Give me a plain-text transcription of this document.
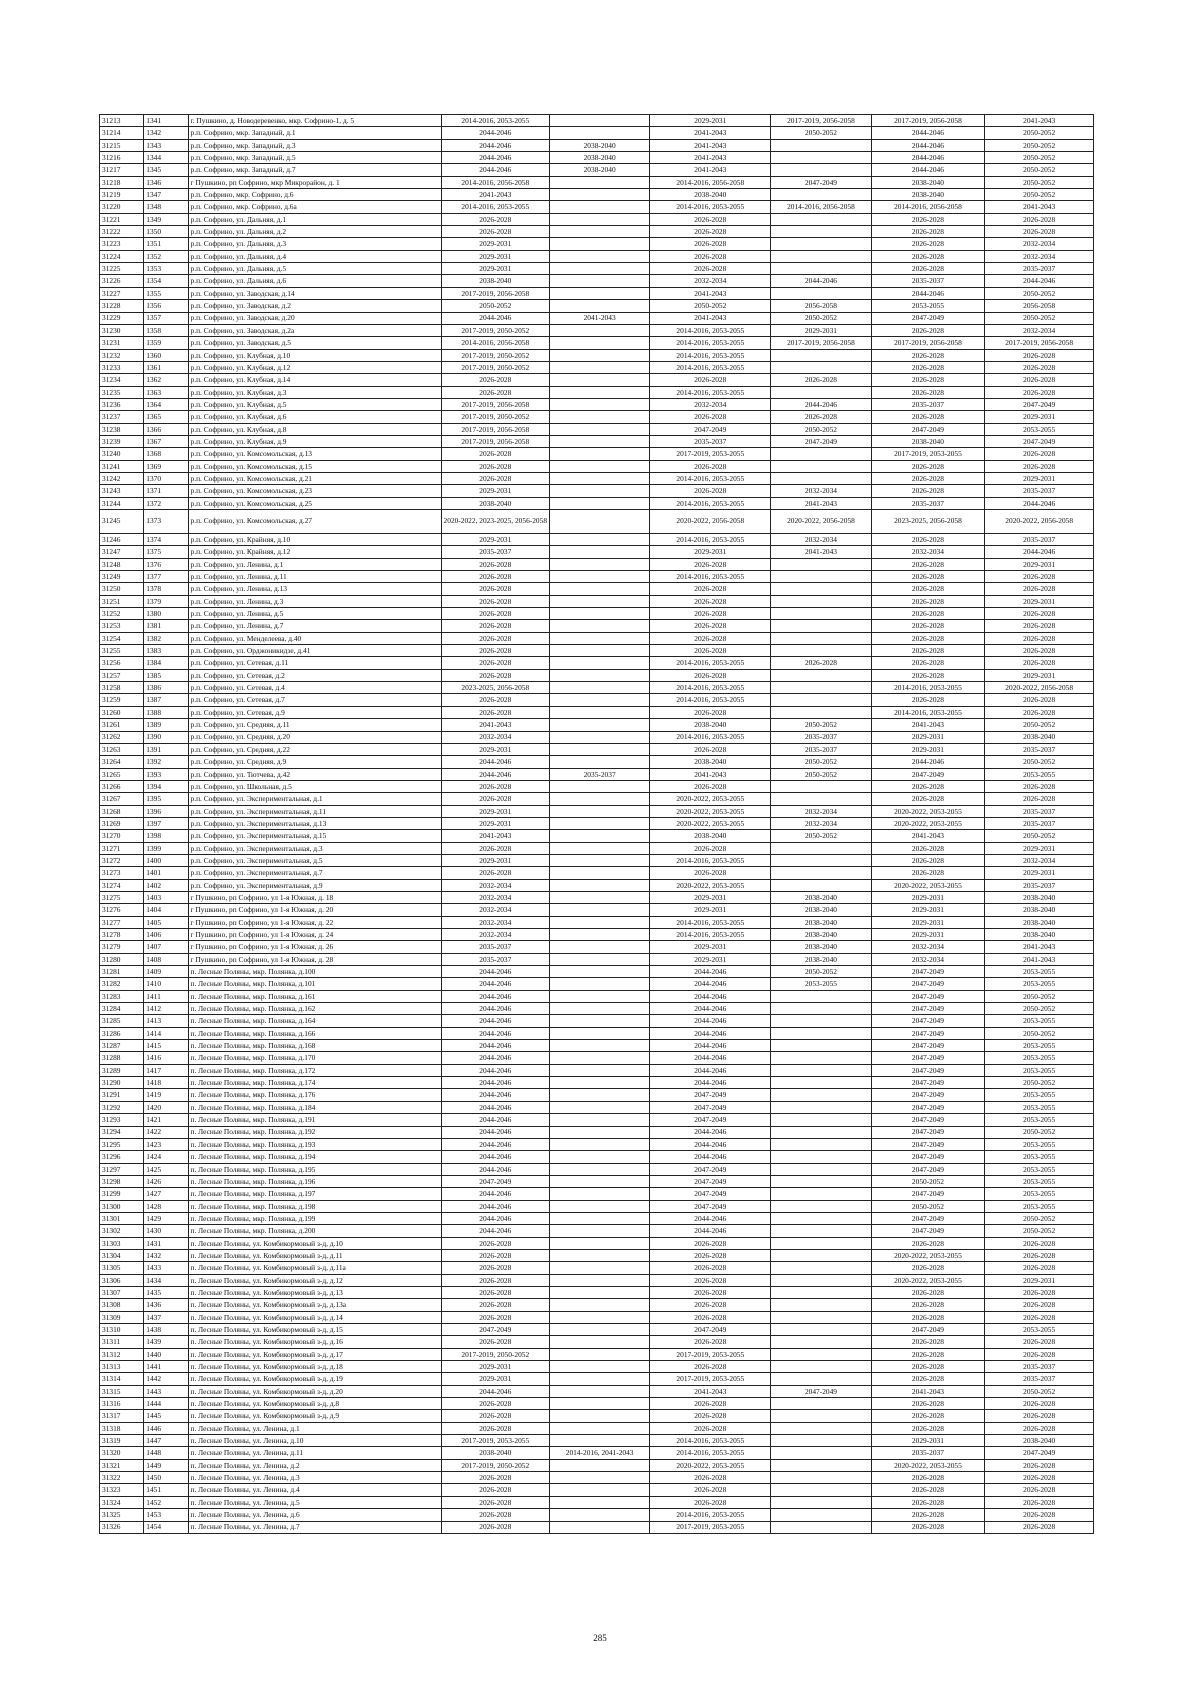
31213	1341	г. Пушкино, д. Новодеревенко, мкр. Софрино-1, д. 5	2014-2016, 2053-2055		2029-2031	2017-2019, 2056-2058	2017-2019, 2056-2058	2041-2043
31214	1342	р.п. Софрино, мкр. Западный, д.1	2044-2046		2041-2043	2050-2052	2044-2046	2050-2052
31215	1343	р.п. Софрино, мкр. Западный, д.3	2044-2046	2038-2040	2041-2043		2044-2046	2050-2052
31216	1344	р.п. Софрино, мкр. Западный, д.5	2044-2046	2038-2040	2041-2043		2044-2046	2050-2052
31217	1345	р.п. Софрино, мкр. Западный, д.7	2044-2046	2038-2040	2041-2043		2044-2046	2050-2052
31218	1346	г Пушкино, рп Софрино, мкр Микрорайон, д. 1	2014-2016, 2056-2058		2014-2016, 2056-2058	2047-2049	2038-2040	2050-2052
31219	1347	р.п. Софрино, мкр. Софрино, д.6	2041-2043		2038-2040		2038-2040	2050-2052
31220	1348	р.п. Софрино, мкр. Софрино, д.6а	2014-2016, 2053-2055		2014-2016, 2053-2055	2014-2016, 2056-2058	2014-2016, 2056-2058	2041-2043
31221	1349	р.п. Софрино, ул. Дальняя, д.1	2026-2028		2026-2028		2026-2028	2026-2028
31222	1350	р.п. Софрино, ул. Дальняя, д.2	2026-2028		2026-2028		2026-2028	2026-2028
31223	1351	р.п. Софрино, ул. Дальняя, д.3	2029-2031		2026-2028		2026-2028	2032-2034
31224	1352	р.п. Софрино, ул. Дальняя, д.4	2029-2031		2026-2028		2026-2028	2032-2034
31225	1353	р.п. Софрино, ул. Дальняя, д.5	2029-2031		2026-2028		2026-2028	2035-2037
31226	1354	р.п. Софрино, ул. Дальняя, д.6	2038-2040		2032-2034	2044-2046	2035-2037	2044-2046
31227	1355	р.п. Софрино, ул. Заводская, д.14	2017-2019, 2056-2058		2041-2043		2044-2046	2050-2052
31228	1356	р.п. Софрино, ул. Заводская, д.2	2050-2052		2050-2052	2056-2058	2053-2055	2056-2058
31229	1357	р.п. Софрино, ул. Заводская, д.20	2044-2046	2041-2043	2041-2043	2050-2052	2047-2049	2050-2052
31230	1358	р.п. Софрино, ул. Заводская, д.2а	2017-2019, 2050-2052		2014-2016, 2053-2055	2029-2031	2026-2028	2032-2034
31231	1359	р.п. Софрино, ул. Заводская, д.5	2014-2016, 2056-2058		2014-2016, 2053-2055	2017-2019, 2056-2058	2017-2019, 2056-2058	2017-2019, 2056-2058
31232	1360	р.п. Софрино, ул. Клубная, д.10	2017-2019, 2050-2052		2014-2016, 2053-2055		2026-2028	2026-2028
31233	1361	р.п. Софрино, ул. Клубная, д.12	2017-2019, 2050-2052		2014-2016, 2053-2055		2026-2028	2026-2028
31234	1362	р.п. Софрино, ул. Клубная, д.14	2026-2028		2026-2028	2026-2028	2026-2028	2026-2028
31235	1363	р.п. Софрино, ул. Клубная, д.3	2026-2028		2014-2016, 2053-2055		2026-2028	2026-2028
31236	1364	р.п. Софрино, ул. Клубная, д.5	2017-2019, 2056-2058		2032-2034	2044-2046	2035-2037	2047-2049
31237	1365	р.п. Софрино, ул. Клубная, д.6	2017-2019, 2050-2052		2026-2028	2026-2028	2026-2028	2029-2031
31238	1366	р.п. Софрино, ул. Клубная, д.8	2017-2019, 2056-2058		2047-2049	2050-2052	2047-2049	2053-2055
31239	1367	р.п. Софрино, ул. Клубная, д.9	2017-2019, 2056-2058		2035-2037	2047-2049	2038-2040	2047-2049
31240	1368	р.п. Софрино, ул. Комсомольская, д.13	2026-2028		2017-2019, 2053-2055		2017-2019, 2053-2055	2026-2028
31241	1369	р.п. Софрино, ул. Комсомольская, д.15	2026-2028		2026-2028		2026-2028	2026-2028
31242	1370	р.п. Софрино, ул. Комсомольская, д.21	2026-2028		2014-2016, 2053-2055		2026-2028	2029-2031
31243	1371	р.п. Софрино, ул. Комсомольская, д.23	2029-2031		2026-2028	2032-2034	2026-2028	2035-2037
31244	1372	р.п. Софрино, ул. Комсомольская, д.25	2038-2040		2014-2016, 2053-2055	2041-2043	2035-2037	2044-2046
31245	1373	р.п. Софрино, ул. Комсомольская, д.27	2020-2022, 2023-2025, 2056-2058		2020-2022, 2056-2058	2020-2022, 2056-2058	2023-2025, 2056-2058	2020-2022, 2056-2058
31246	1374	р.п. Софрино, ул. Крайняя, д.10	2029-2031		2014-2016, 2053-2055	2032-2034	2026-2028	2035-2037
31247	1375	р.п. Софрино, ул. Крайняя, д.12	2035-2037		2029-2031	2041-2043	2032-2034	2044-2046
31248	1376	р.п. Софрино, ул. Ленина, д.1	2026-2028		2026-2028		2026-2028	2029-2031
31249	1377	р.п. Софрино, ул. Ленина, д.11	2026-2028		2014-2016, 2053-2055		2026-2028	2026-2028
31250	1378	р.п. Софрино, ул. Ленина, д.13	2026-2028		2026-2028		2026-2028	2026-2028
31251	1379	р.п. Софрино, ул. Ленина, д.3	2026-2028		2026-2028		2026-2028	2029-2031
31252	1380	р.п. Софрино, ул. Ленина, д.5	2026-2028		2026-2028		2026-2028	2026-2028
31253	1381	р.п. Софрино, ул. Ленина, д.7	2026-2028		2026-2028		2026-2028	2026-2028
31254	1382	р.п. Софрино, ул. Менделеева, д.40	2026-2028		2026-2028		2026-2028	2026-2028
31255	1383	р.п. Софрино, ул. Орджоникидзе, д.41	2026-2028		2026-2028		2026-2028	2026-2028
31256	1384	р.п. Софрино, ул. Сетевая, д.11	2026-2028		2014-2016, 2053-2055	2026-2028	2026-2028	2026-2028
31257	1385	р.п. Софрино, ул. Сетевая, д.2	2026-2028		2026-2028		2026-2028	2029-2031
31258	1386	р.п. Софрино, ул. Сетевая, д.4	2023-2025, 2056-2058		2014-2016, 2053-2055		2014-2016, 2053-2055	2020-2022, 2056-2058
31259	1387	р.п. Софрино, ул. Сетевая, д.7	2026-2028		2014-2016, 2053-2055		2026-2028	2026-2028
31260	1388	р.п. Софрино, ул. Сетевая, д.9	2026-2028		2026-2028		2014-2016, 2053-2055	2026-2028
31261	1389	р.п. Софрино, ул. Средняя, д.11	2041-2043		2038-2040	2050-2052	2041-2043	2050-2052
31262	1390	р.п. Софрино, ул. Средняя, д.20	2032-2034		2014-2016, 2053-2055	2035-2037	2029-2031	2038-2040
31263	1391	р.п. Софрино, ул. Средняя, д.22	2029-2031		2026-2028	2035-2037	2029-2031	2035-2037
31264	1392	р.п. Софрино, ул. Средняя, д.9	2044-2046		2038-2040	2050-2052	2044-2046	2050-2052
31265	1393	р.п. Софрино, ул. Тютчева, д.42	2044-2046	2035-2037	2041-2043	2050-2052	2047-2049	2053-2055
31266	1394	р.п. Софрино, ул. Школьная, д.5	2026-2028		2026-2028		2026-2028	2026-2028
31267	1395	р.п. Софрино, ул. Экспериментальная, д.1	2026-2028		2020-2022, 2053-2055		2026-2028	2026-2028
31268	1396	р.п. Софрино, ул. Экспериментальная, д.11	2029-2031		2020-2022, 2053-2055	2032-2034	2020-2022, 2053-2055	2035-2037
31269	1397	р.п. Софрино, ул. Экспериментальная, д.13	2029-2031		2020-2022, 2053-2055	2032-2034	2020-2022, 2053-2055	2035-2037
31270	1398	р.п. Софрино, ул. Экспериментальная, д.15	2041-2043		2038-2040	2050-2052	2041-2043	2050-2052
31271	1399	р.п. Софрино, ул. Экспериментальная, д.3	2026-2028		2026-2028		2026-2028	2029-2031
31272	1400	р.п. Софрино, ул. Экспериментальная, д.5	2029-2031		2014-2016, 2053-2055		2026-2028	2032-2034
31273	1401	р.п. Софрино, ул. Экспериментальная, д.7	2026-2028		2026-2028		2026-2028	2029-2031
31274	1402	р.п. Софрино, ул. Экспериментальная, д.9	2032-2034		2020-2022, 2053-2055		2020-2022, 2053-2055	2035-2037
31275	1403	г Пушкино, рп Софрино, ул 1-я Южная, д. 18	2032-2034		2029-2031	2038-2040	2029-2031	2038-2040
31276	1404	г Пушкино, рп Софрино, ул 1-я Южная, д. 20	2032-2034		2029-2031	2038-2040	2029-2031	2038-2040
31277	1405	г Пушкино, рп Софрино, ул 1-я Южная, д. 22	2032-2034		2014-2016, 2053-2055	2038-2040	2029-2031	2038-2040
31278	1406	г Пушкино, рп Софрино, ул 1-я Южная, д. 24	2032-2034		2014-2016, 2053-2055	2038-2040	2029-2031	2038-2040
31279	1407	г Пушкино, рп Софрино, ул 1-я Южная, д. 26	2035-2037		2029-2031	2038-2040	2032-2034	2041-2043
31280	1408	г Пушкино, рп Софрино, ул 1-я Южная, д. 28	2035-2037		2029-2031	2038-2040	2032-2034	2041-2043
31281	1409	п. Лесные Поляны, мкр. Полянка, д.100	2044-2046		2044-2046	2050-2052	2047-2049	2053-2055
31282	1410	п. Лесные Поляны, мкр. Полянка, д.101	2044-2046		2044-2046	2053-2055	2047-2049	2053-2055
31283	1411	п. Лесные Поляны, мкр. Полянка, д.161	2044-2046		2044-2046		2047-2049	2050-2052
31284	1412	п. Лесные Поляны, мкр. Полянка, д.162	2044-2046		2044-2046		2047-2049	2050-2052
31285	1413	п. Лесные Поляны, мкр. Полянка, д.164	2044-2046		2044-2046		2047-2049	2053-2055
31286	1414	п. Лесные Поляны, мкр. Полянка, д.166	2044-2046		2044-2046		2047-2049	2050-2052
31287	1415	п. Лесные Поляны, мкр. Полянка, д.168	2044-2046		2044-2046		2047-2049	2053-2055
31288	1416	п. Лесные Поляны, мкр. Полянка, д.170	2044-2046		2044-2046		2047-2049	2053-2055
31289	1417	п. Лесные Поляны, мкр. Полянка, д.172	2044-2046		2044-2046		2047-2049	2053-2055
31290	1418	п. Лесные Поляны, мкр. Полянка, д.174	2044-2046		2044-2046		2047-2049	2050-2052
31291	1419	п. Лесные Поляны, мкр. Полянка, д.176	2044-2046		2047-2049		2047-2049	2053-2055
31292	1420	п. Лесные Поляны, мкр. Полянка, д.184	2044-2046		2047-2049		2047-2049	2053-2055
31293	1421	п. Лесные Поляны, мкр. Полянка, д.191	2044-2046		2047-2049		2047-2049	2053-2055
31294	1422	п. Лесные Поляны, мкр. Полянка, д.192	2044-2046		2044-2046		2047-2049	2050-2052
31295	1423	п. Лесные Поляны, мкр. Полянка, д.193	2044-2046		2044-2046		2047-2049	2053-2055
31296	1424	п. Лесные Поляны, мкр. Полянка, д.194	2044-2046		2044-2046		2047-2049	2053-2055
31297	1425	п. Лесные Поляны, мкр. Полянка, д.195	2044-2046		2047-2049		2047-2049	2053-2055
31298	1426	п. Лесные Поляны, мкр. Полянка, д.196	2047-2049		2047-2049		2050-2052	2053-2055
31299	1427	п. Лесные Поляны, мкр. Полянка, д.197	2044-2046		2047-2049		2047-2049	2053-2055
31300	1428	п. Лесные Поляны, мкр. Полянка, д.198	2044-2046		2047-2049		2050-2052	2053-2055
31301	1429	п. Лесные Поляны, мкр. Полянка, д.199	2044-2046		2044-2046		2047-2049	2050-2052
31302	1430	п. Лесные Поляны, мкр. Полянка, д.200	2044-2046		2044-2046		2047-2049	2050-2052
31303	1431	п. Лесные Поляны, ул. Комбикормовый з-д, д.10	2026-2028		2026-2028		2026-2028	2026-2028
31304	1432	п. Лесные Поляны, ул. Комбикормовый з-д, д.11	2026-2028		2026-2028		2020-2022, 2053-2055	2026-2028
31305	1433	п. Лесные Поляны, ул. Комбикормовый з-д, д.11а	2026-2028		2026-2028		2026-2028	2026-2028
31306	1434	п. Лесные Поляны, ул. Комбикормовый з-д, д.12	2026-2028		2026-2028		2020-2022, 2053-2055	2029-2031
31307	1435	п. Лесные Поляны, ул. Комбикормовый з-д, д.13	2026-2028		2026-2028		2026-2028	2026-2028
31308	1436	п. Лесные Поляны, ул. Комбикормовый з-д, д.13а	2026-2028		2026-2028		2026-2028	2026-2028
31309	1437	п. Лесные Поляны, ул. Комбикормовый з-д, д.14	2026-2028		2026-2028		2026-2028	2026-2028
31310	1438	п. Лесные Поляны, ул. Комбикормовый з-д, д.15	2047-2049		2047-2049		2047-2049	2053-2055
31311	1439	п. Лесные Поляны, ул. Комбикормовый з-д, д.16	2026-2028		2026-2028		2026-2028	2026-2028
31312	1440	п. Лесные Поляны, ул. Комбикормовый з-д, д.17	2017-2019, 2050-2052		2017-2019, 2053-2055		2026-2028	2026-2028
31313	1441	п. Лесные Поляны, ул. Комбикормовый з-д, д.18	2029-2031		2026-2028		2026-2028	2035-2037
31314	1442	п. Лесные Поляны, ул. Комбикормовый з-д, д.19	2029-2031		2017-2019, 2053-2055		2026-2028	2035-2037
31315	1443	п. Лесные Поляны, ул. Комбикормовый з-д, д.20	2044-2046		2041-2043	2047-2049	2041-2043	2050-2052
31316	1444	п. Лесные Поляны, ул. Комбикормовый з-д, д.8	2026-2028		2026-2028		2026-2028	2026-2028
31317	1445	п. Лесные Поляны, ул. Комбикормовый з-д, д.9	2026-2028		2026-2028		2026-2028	2026-2028
31318	1446	п. Лесные Поляны, ул. Ленина, д.1	2026-2028		2026-2028		2026-2028	2026-2028
31319	1447	п. Лесные Поляны, ул. Ленина, д.10	2017-2019, 2053-2055		2014-2016, 2053-2055		2029-2031	2038-2040
31320	1448	п. Лесные Поляны, ул. Ленина, д.11	2038-2040	2014-2016, 2041-2043	2014-2016, 2053-2055		2035-2037	2047-2049
31321	1449	п. Лесные Поляны, ул. Ленина, д.2	2017-2019, 2050-2052		2020-2022, 2053-2055		2020-2022, 2053-2055	2026-2028
31322	1450	п. Лесные Поляны, ул. Ленина, д.3	2026-2028		2026-2028		2026-2028	2026-2028
31323	1451	п. Лесные Поляны, ул. Ленина, д.4	2026-2028		2026-2028		2026-2028	2026-2028
31324	1452	п. Лесные Поляны, ул. Ленина, д.5	2026-2028		2026-2028		2026-2028	2026-2028
31325	1453	п. Лесные Поляны, ул. Ленина, д.6	2026-2028		2014-2016, 2053-2055		2026-2028	2026-2028
31326	1454	п. Лесные Поляны, ул. Ленина, д.7	2026-2028		2017-2019, 2053-2055		2026-2028	2026-2028
285
